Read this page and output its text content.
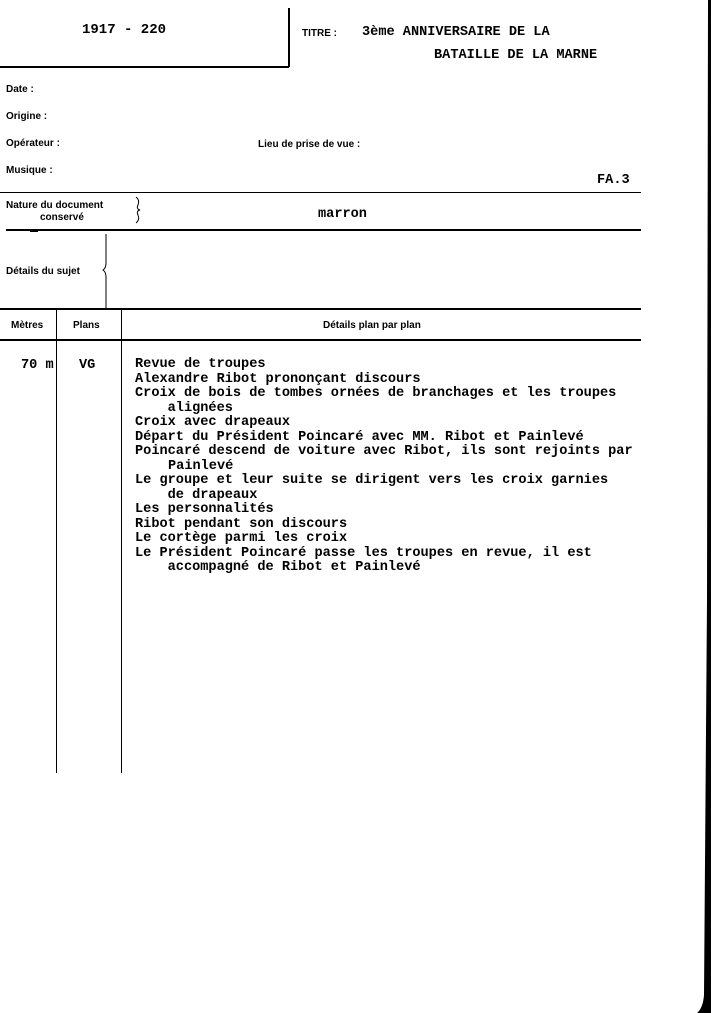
1917 - 220	TITRE : 3ème ANNIVERSAIRE DE LA
BATAILLE DE LA MARNE
Date :
Origine :
Opérateur :	Lieu de prise de vue :
Musique :
FA.3
Nature du document
conservé	marron
Détails du sujet
Mètres	Plans	Détails plan par plan
70 m VG	Revue de troupes
Alexandre Ribot prononçant discours
Croix de bois de tombes ornées de branchages et les troupes
alignées
Croix avec drapeaux
Départ du Président Poincaré avec MM. Ribot et Painlevé
Poincaré descend de voiture avec Ribot, ils sont rejoints par
Painlevé
Le groupe et leur suite se dirigent vers les croix garnies
de drapeaux
Les personnalités
Ribot pendant son discours
Le cortège parmi les croix
Le Président Poincaré passe les troupes en revue, il est
accompagné de Ribot et Painlevé
